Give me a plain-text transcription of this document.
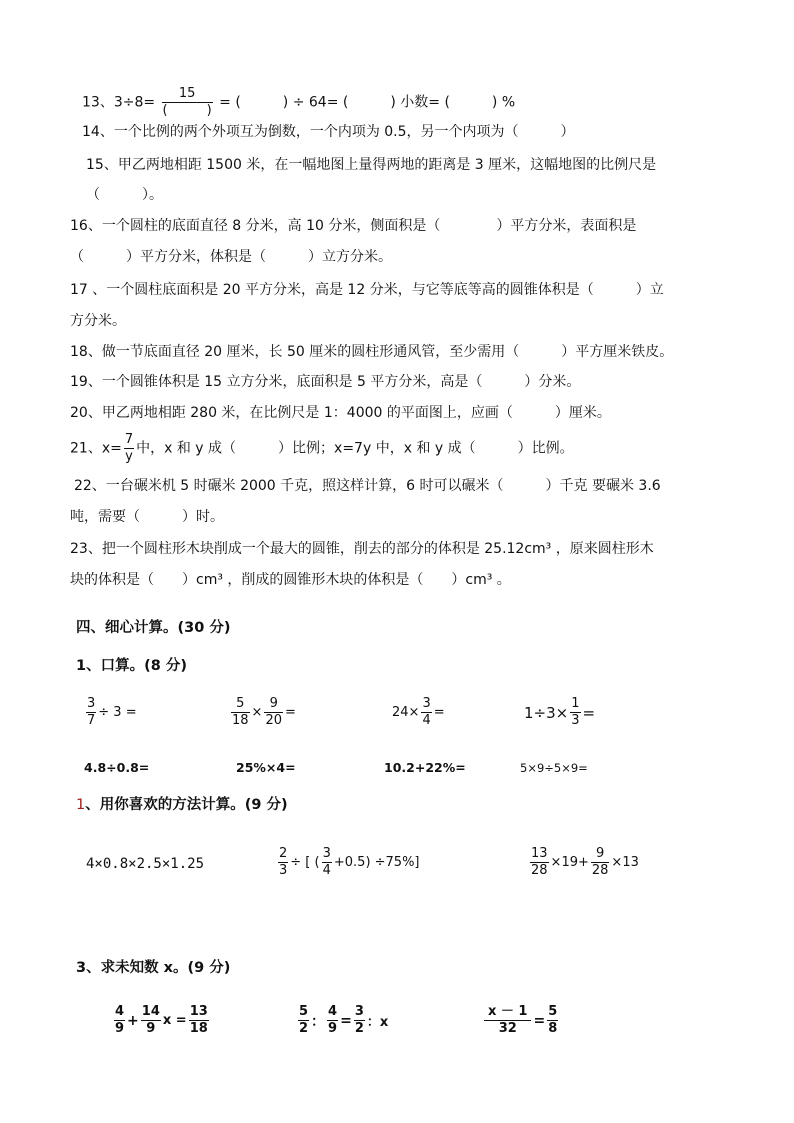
13、$3\div 8= \frac{15}{( )}$ = (　　　) ÷ 64= (　　　) 小数= (　　　) %
14、一个比例的两个外项互为倒数，一个内项为 0.5，另一个内项为（　　　）
15、甲乙两地相距 1500 米，在一幅地图上量得两地的距离是 3 厘米，这幅地图的比例尺是
（　　　）。
16、一个圆柱的底面直径 8 分米，高 10 分米，侧面积是（　　　　）平方分米，表面积是
（　　　）平方分米，体积是（　　　）立方分米。
17 、一个圆柱底面积是 20 平方分米，高是 12 分米，与它等底等高的圆锥体积是（　　　）立
方分米。
18、做一节底面直径 20 厘米，长 50 厘米的圆柱形通风管，至少需用（　　　）平方厘米铁皮。
19、一个圆锥体积是 15 立方分米，底面积是 5 平方分米，高是（　　　）分米。
20、甲乙两地相距 280 米，在比例尺是 1：4000 的平面图上，应画（　　　）厘米。
21、$x= \frac{7}{y}$ 中，x 和 y 成（　　　）比例；x=7y 中，x 和 y 成（　　　）比例。
22、一台碾米机 5 时碾米 2000 千克，照这样计算，6 时可以碾米（　　　）千克 要碾米 3.6
吨，需要（　　　）时。
23、把一个圆柱形木块削成一个最大的圆锥，削去的部分的体积是 25.12cm³ ，原来圆柱形木
块的体积是（　　）cm³ ，削成的圆锥形木块的体积是（　　）cm³ 。
四、细心计算。(30 分)
1、口算。(8 分)
$\frac{3}{7} \div 3$ =	$\frac{5}{18} \times \frac{9}{20}$ =	$24\times \frac{3}{4}$ =	$1\div 3\times \frac{1}{3}$ =
4.8÷0.8=	25%×4=	10.2+22%=	5×9÷5×9=
1、用你喜欢的方法计算。(9 分)
4×0.8×2.5×1.25	$\frac{2}{3}$ ÷ [ ( $\frac{3}{4} +0.5) \div 75\%$]	$\frac{13}{28} \times 19+ \frac{9}{28} \times 13$
3、求未知数 x。(9 分)
$\frac{4}{9} + \frac{14}{9}$ $x = \frac{13}{18}$	$\frac{5}{2}$ ： $\frac{4}{9} = \frac{3}{2}$ ：x	$\frac{x - 1}{32} = \frac{5}{8}$
